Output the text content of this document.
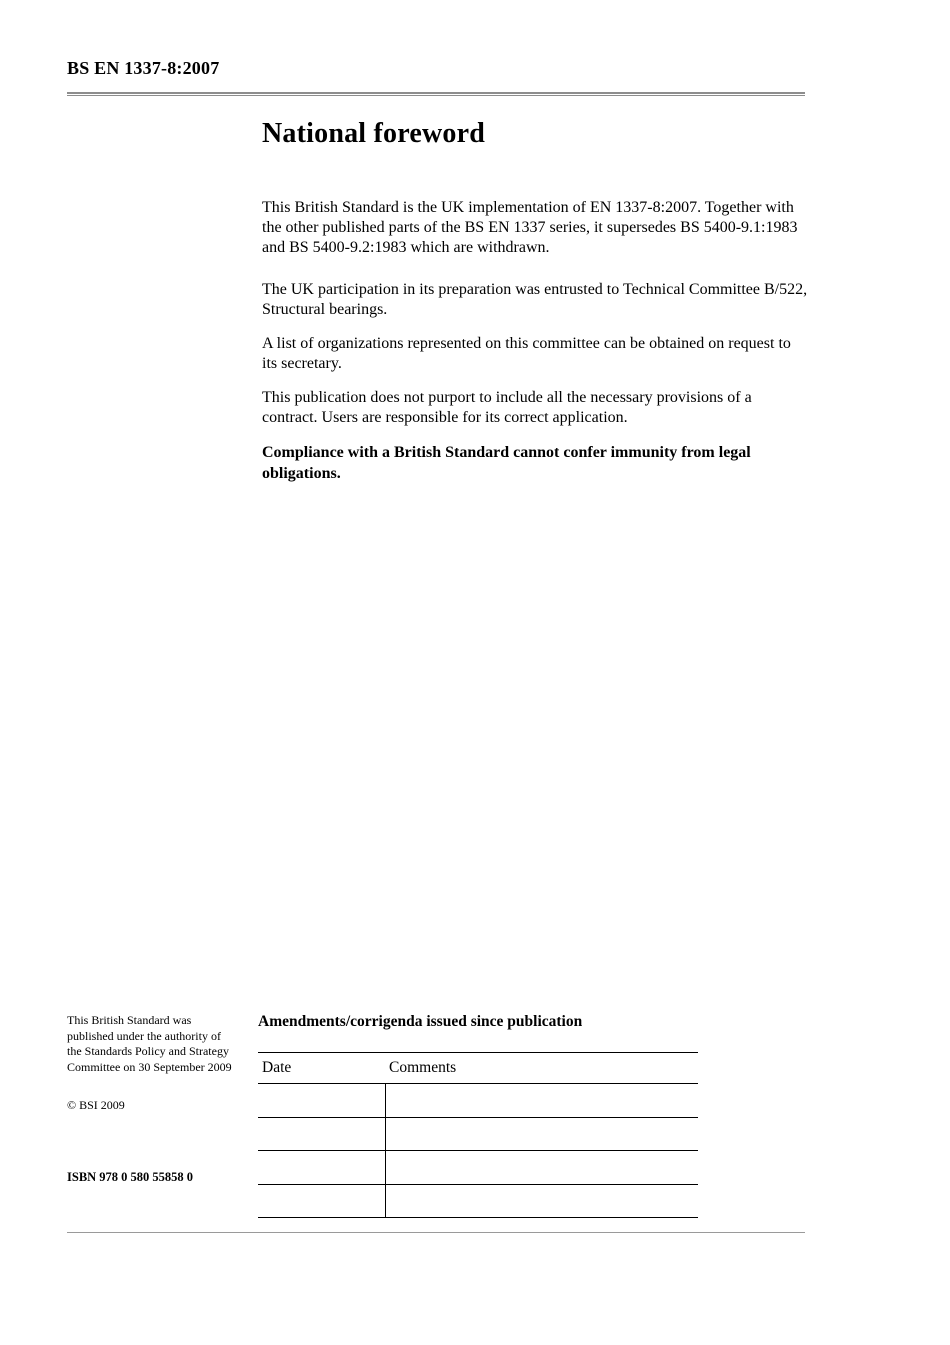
BS EN 1337-8:2007
National foreword

This British Standard is the UK implementation of EN 1337-8:2007. Together with the other published parts of the BS EN 1337 series, it supersedes BS 5400-9.1:1983 and BS 5400-9.2:1983 which are withdrawn.

The UK participation in its preparation was entrusted to Technical Committee B/522, Structural bearings.

A list of organizations represented on this committee can be obtained on request to its secretary.

This publication does not purport to include all the necessary provisions of a contract. Users are responsible for its correct application.

Compliance with a British Standard cannot confer immunity from legal obligations.

This British Standard was published under the authority of the Standards Policy and Strategy Committee on 30 September 2009
© BSI 2009
ISBN 978 0 580 55858 0
Amendments/corrigenda issued since publication
Date	Comments
